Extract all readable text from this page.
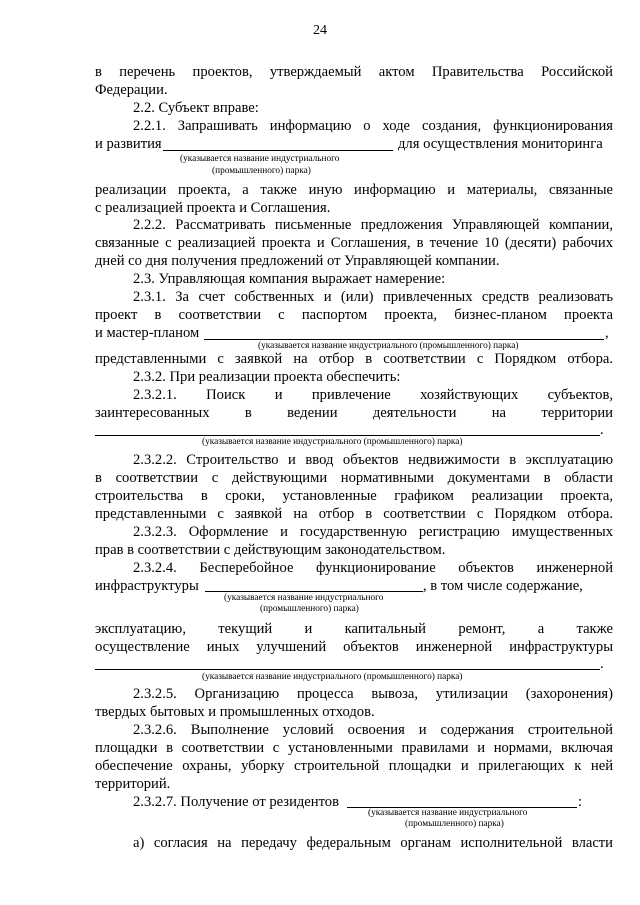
24
в перечень проектов, утверждаемый актом Правительства Российской
Федерации.
2.2. Субъект вправе:
2.2.1. Запрашивать информацию о ходе создания, функционирования
и развития	для осуществления мониторинга
(указывается название индустриального
(промышленного) парка)
реализации проекта, а также иную информацию и материалы, связанные
с реализацией проекта и Соглашения.
2.2.2. Рассматривать письменные предложения Управляющей компании,
связанные с реализацией проекта и Соглашения, в течение 10 (десяти) рабочих
дней со дня получения предложений от Управляющей компании.
2.3. Управляющая компания выражает намерение:
2.3.1. За счет собственных и (или) привлеченных средств реализовать
проект в соответствии с паспортом проекта, бизнес-планом проекта
и мастер-планом	,
(указывается название индустриального (промышленного) парка)
представленными с заявкой на отбор в соответствии с Порядком отбора.
2.3.2. При реализации проекта обеспечить:
2.3.2.1. Поиск и привлечение хозяйствующих субъектов,
заинтересованных в ведении деятельности на территории
.
(указывается название индустриального (промышленного) парка)
2.3.2.2. Строительство и ввод объектов недвижимости в эксплуатацию
в соответствии с действующими нормативными документами в области
строительства в сроки, установленные графиком реализации проекта,
представленными с заявкой на отбор в соответствии с Порядком отбора.
2.3.2.3. Оформление и государственную регистрацию имущественных
прав в соответствии с действующим законодательством.
2.3.2.4. Бесперебойное функционирование объектов инженерной
инфраструктуры	, в том числе содержание,
(указывается название индустриального
(промышленного) парка)
эксплуатацию, текущий и капитальный ремонт, а также
осуществление иных улучшений объектов инженерной инфраструктуры
.
(указывается название индустриального (промышленного) парка)
2.3.2.5. Организацию процесса вывоза, утилизации (захоронения)
твердых бытовых и промышленных отходов.
2.3.2.6. Выполнение условий освоения и содержания строительной
площадки в соответствии с установленными правилами и нормами, включая
обеспечение охраны, уборку строительной площадки и прилегающих к ней
территорий.
2.3.2.7. Получение от резидентов	:
(указывается название индустриального
(промышленного) парка)
а) согласия на передачу федеральным органам исполнительной власти
